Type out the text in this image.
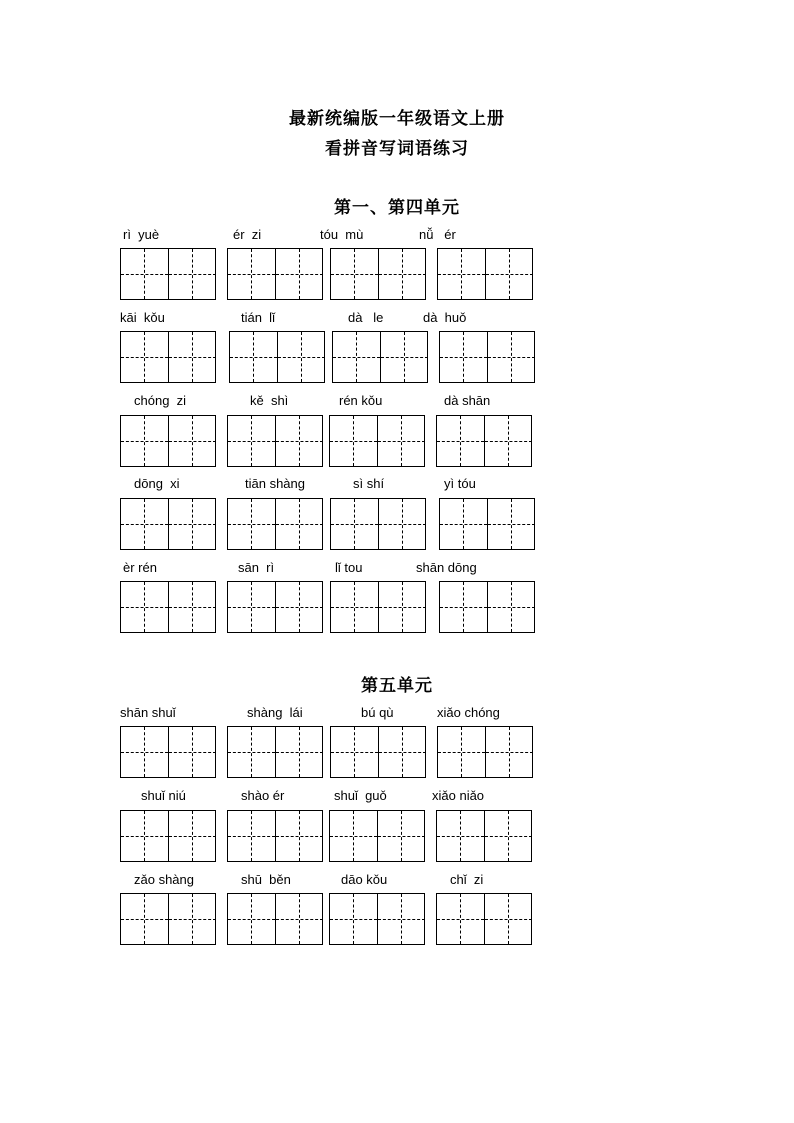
最新统编版一年级语文上册
看拼音写词语练习
第一、第四单元
rì  yuè	ér  zi	tóu  mù	nǚ   ér
kāi  kǒu	tián  lǐ	dà   le	dà  huǒ
chónɡ  zi	kě  shì	rén kǒu	dà shān
dōnɡ  xi	tiān shànɡ	sì shí	yì tóu
èr rén	sān  rì	lǐ tou	shān dōnɡ
第五单元
shān shuǐ	shànɡ  lái	bú qù	xiǎo chónɡ
shuǐ niú	shào ér	shuǐ  ɡuǒ	xiǎo niǎo
zǎo shànɡ	shū  běn	dāo kǒu	chǐ  zi
